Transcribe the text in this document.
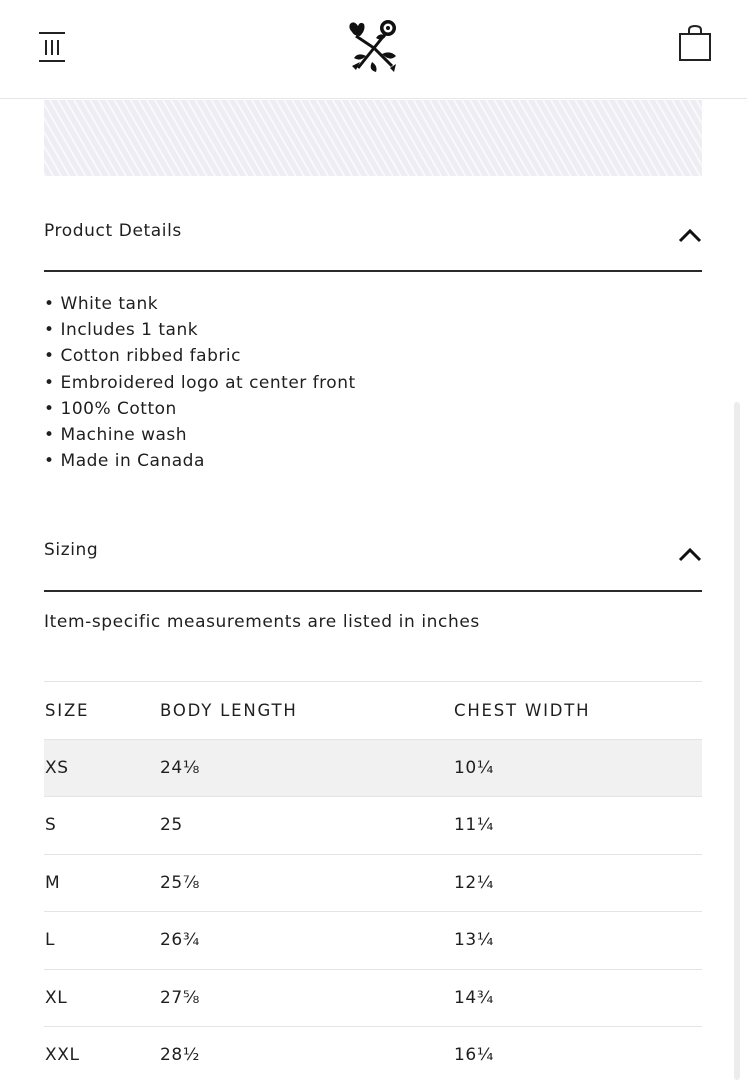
Product Details
• White tank
• Includes 1 tank
• Cotton ribbed fabric
• Embroidered logo at center front
• 100% Cotton
• Machine wash
• Made in Canada
Sizing
Item-specific measurements are listed in inches
SIZE	BODY LENGTH	CHEST WIDTH
XS	24⅛	10¼
S	25	11¼
M	25⅞	12¼
L	26¾	13¼
XL	27⅝	14¾
XXL	28½	16¼
